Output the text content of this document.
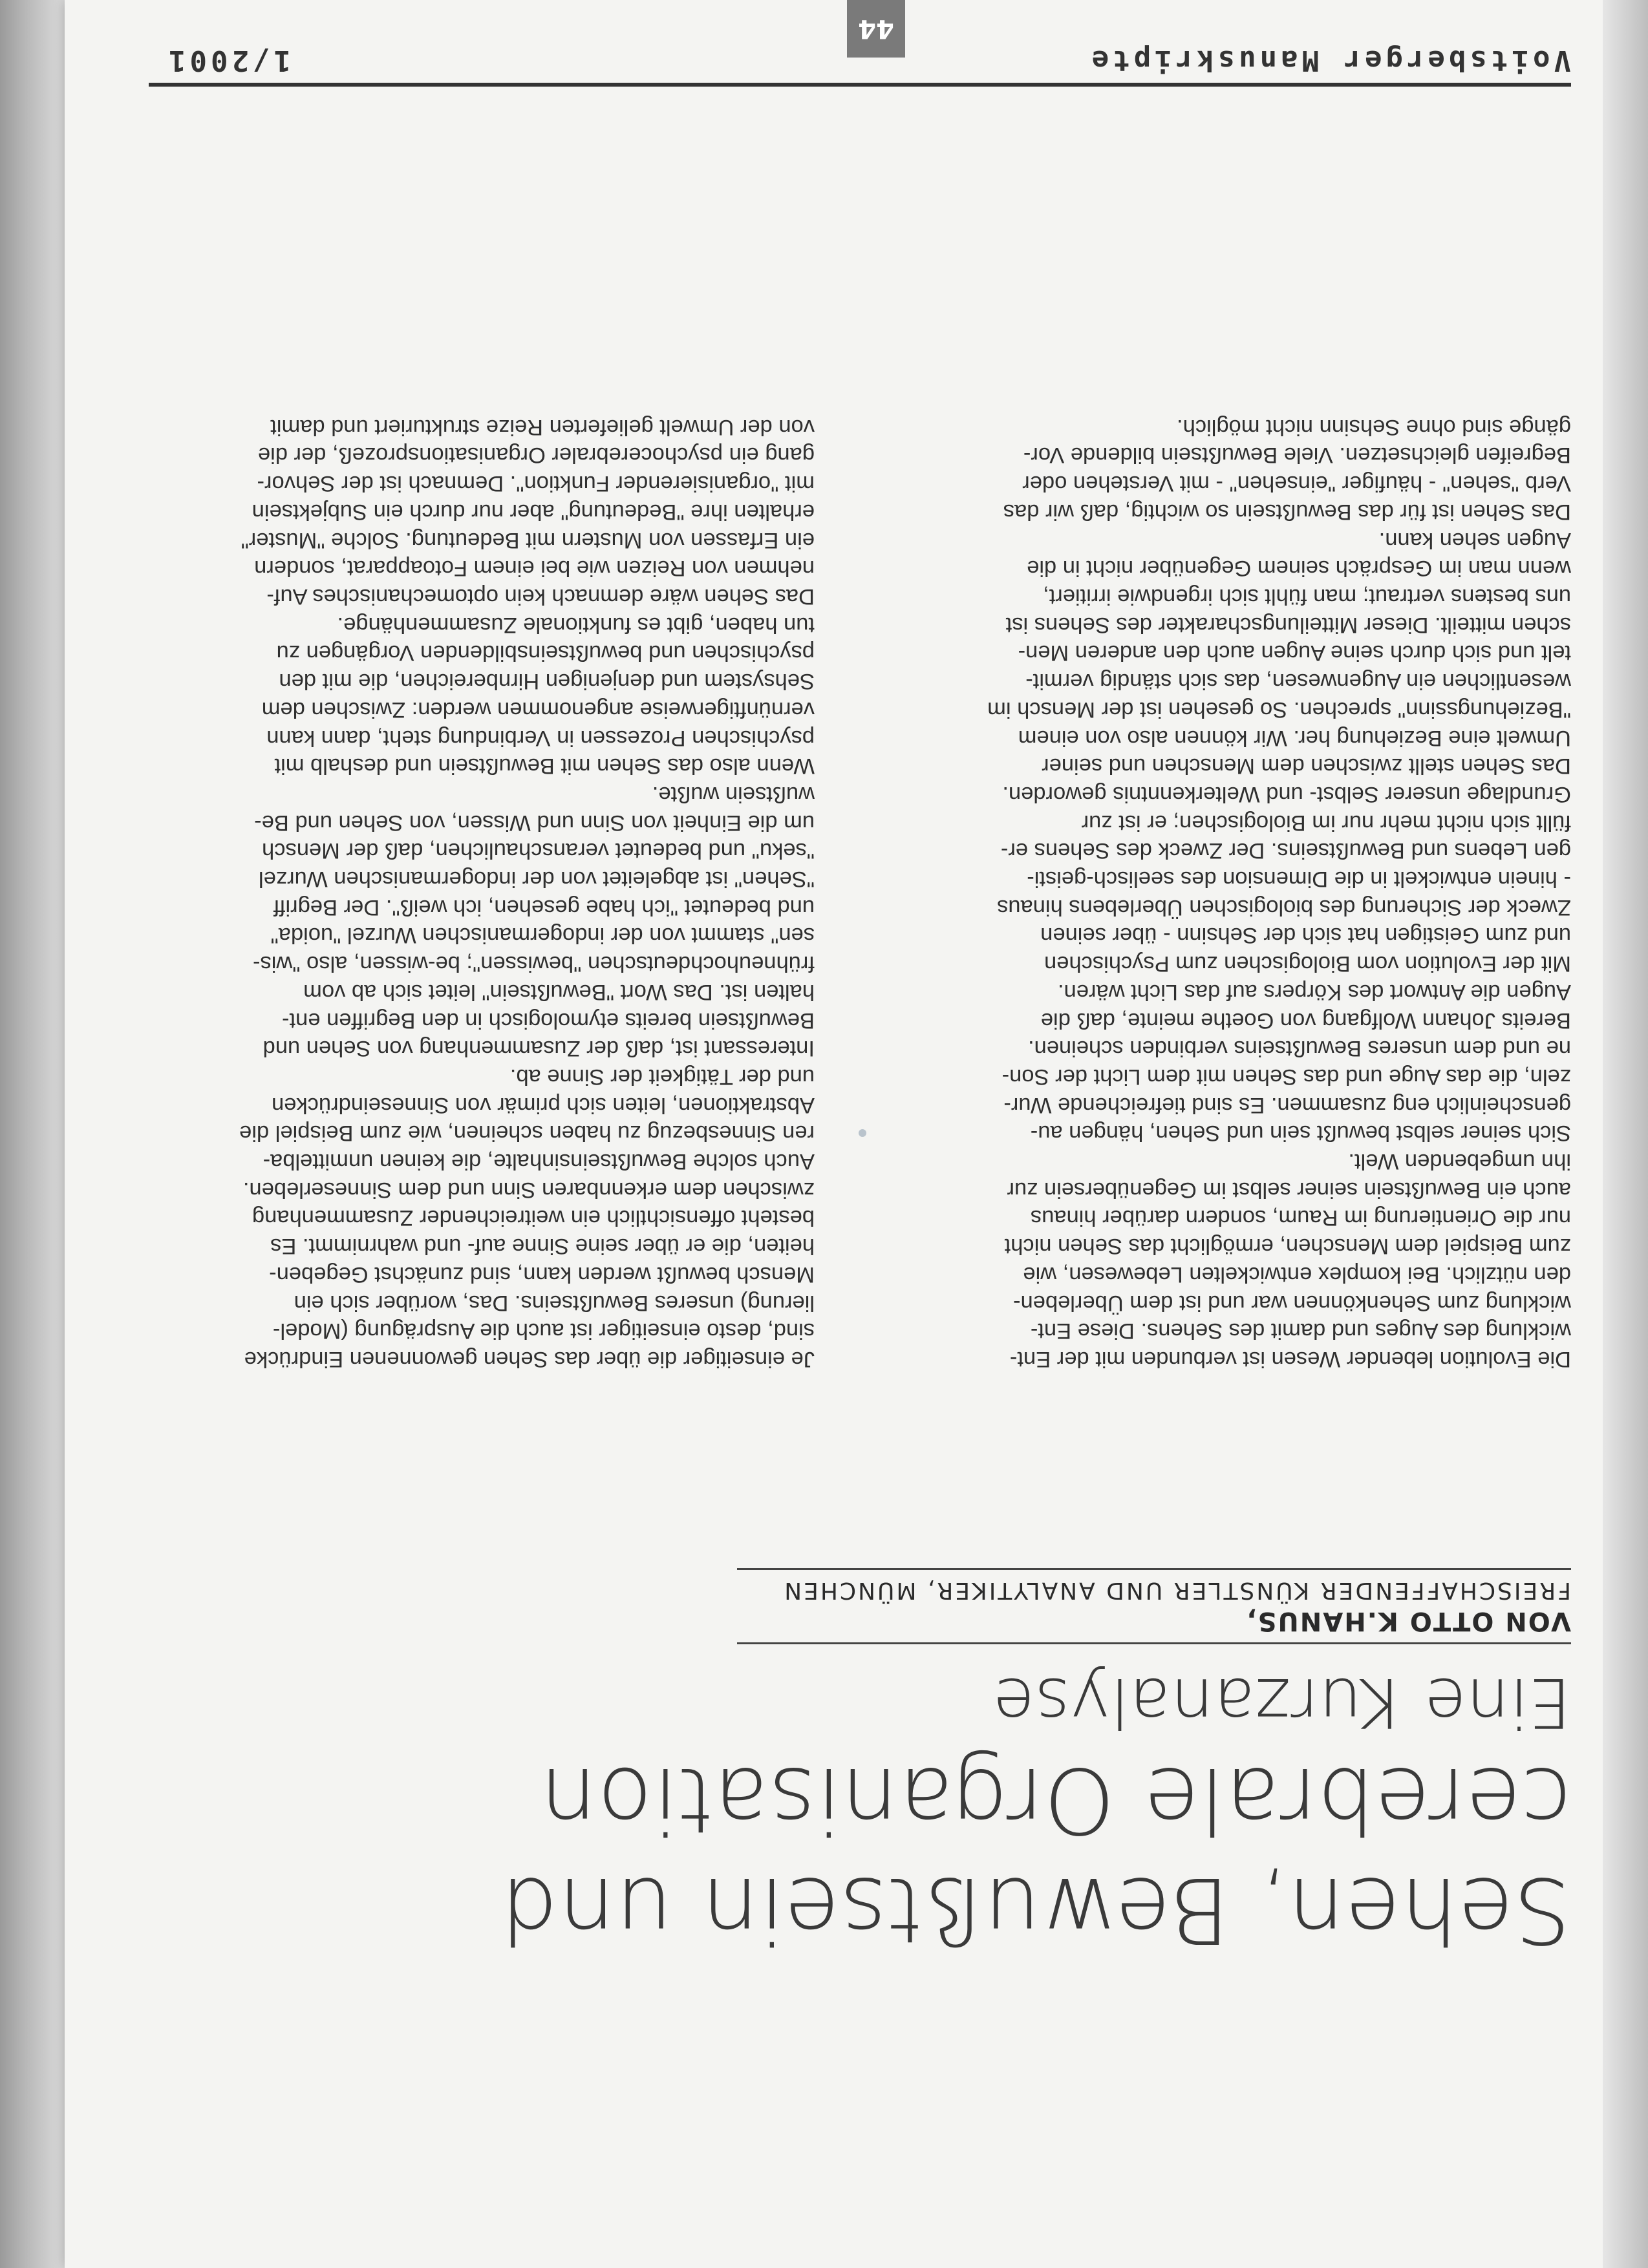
Voitsberger Manuskripte
1/2001
Sehen, Bewußtsein und cerebrale Organisation
Eine Kurzanalyse
VON OTTO K.HANUS,
FREISCHAFFENDER KÜNSTLER UND ANALYTIKER, MÜNCHEN

Die Evolution lebender Wesen ist verbunden mit der Ent-
wicklung des Auges und damit des Sehens. Diese Ent-
wicklung zum Sehenkönnen war und ist dem Überleben-
den nützlich. Bei komplex entwickelten Lebewesen, wie
zum Beispiel dem Menschen, ermöglicht das Sehen nicht
nur die Orientierung im Raum, sondern darüber hinaus
auch ein Bewußtsein seiner selbst im Gegenübersein zur
ihn umgebenden Welt.

Sich seiner selbst bewußt sein und Sehen, hängen au-
genscheinlich eng zusammen. Es sind tiefreichende Wur-
zeln, die das Auge und das Sehen mit dem Licht der Son-
ne und dem unseres Bewußtseins verbinden scheinen.
Bereits Johann Wolfgang von Goethe meinte, daß die
Augen die Antwort des Körpers auf das Licht wären.

Mit der Evolution vom Biologischen zum Psychischen
und zum Geistigen hat sich der Sehsinn - über seinen
Zweck der Sicherung des biologischen Überlebens hinaus
- hinein entwickelt in die Dimension des seelisch-geisti-
gen Lebens und Bewußtseins. Der Zweck des Sehens er-
füllt sich nicht mehr nur im Biologischen; er ist zur
Grundlage unserer Selbst- und Welterkenntnis geworden.

Das Sehen stellt zwischen dem Menschen und seiner
Umwelt eine Beziehung her. Wir können also von einem
"Beziehungssinn" sprechen. So gesehen ist der Mensch im
wesentlichen ein Augenwesen, das sich ständig vermit-
telt und sich durch seine Augen auch den anderen Men-
schen mitteilt. Dieser Mitteilungscharakter des Sehens ist
uns bestens vertraut; man fühlt sich irgendwie irritiert,
wenn man im Gespräch seinem Gegenüber nicht in die
Augen sehen kann.

Das Sehen ist für das Bewußtsein so wichtig, daß wir das
Verb "sehen" - häufiger "einsehen" - mit Verstehen oder
Begreifen gleichsetzen. Viele Bewußtsein bildende Vor-
gänge sind ohne Sehsinn nicht möglich.

Je einseitiger die über das Sehen gewonnenen Eindrücke
sind, desto einseitiger ist auch die Ausprägung (Model-
lierung) unseres Bewußtseins. Das, worüber sich ein
Mensch bewußt werden kann, sind zunächst Gegeben-
heiten, die er über seine Sinne auf- und wahrnimmt. Es
besteht offensichtlich ein weitreichender Zusammenhang
zwischen dem erkennbaren Sinn und dem Sinneserleben.
Auch solche Bewußtseinsinhalte, die keinen unmittelba-
ren Sinnesbezug zu haben scheinen, wie zum Beispiel die
Abstraktionen, leiten sich primär von Sinneseindrücken
und der Tätigkeit der Sinne ab.

Interessant ist, daß der Zusammenhang von Sehen und
Bewußtsein bereits etymologisch in den Begriffen ent-
halten ist. Das Wort "Bewußtsein" leitet sich ab vom
frühneuhochdeutschen "bewissen"; be-wissen, also "wis-
sen" stammt von der indogermanischen Wurzel "uoida"
und bedeutet "ich habe gesehen, ich weiß". Der Begriff
"Sehen" ist abgeleitet von der indogermanischen Wurzel
"seku" und bedeutet veranschaulichen, daß der Mensch
um die Einheit von Sinn und Wissen, von Sehen und Be-
wußtsein wußte.

Wenn also das Sehen mit Bewußtsein und deshalb mit
psychischen Prozessen in Verbindung steht, dann kann
vernünftigerweise angenommen werden: Zwischen dem
Sehsystem und denjenigen Hirnbereichen, die mit den
psychischen und bewußtseinsbildenden Vorgängen zu
tun haben, gibt es funktionale Zusammenhänge.

Das Sehen wäre demnach kein optomechanisches Auf-
nehmen von Reizen wie bei einem Fotoapparat, sondern
ein Erfassen von Mustern mit Bedeutung. Solche "Muster"
erhalten ihre "Bedeutung" aber nur durch ein Subjektsein
mit "organisierender Funktion". Demnach ist der Sehvor-
gang ein psychocerebraler Organisationsprozeß, der die
von der Umwelt gelieferten Reize strukturiert und damit

44
